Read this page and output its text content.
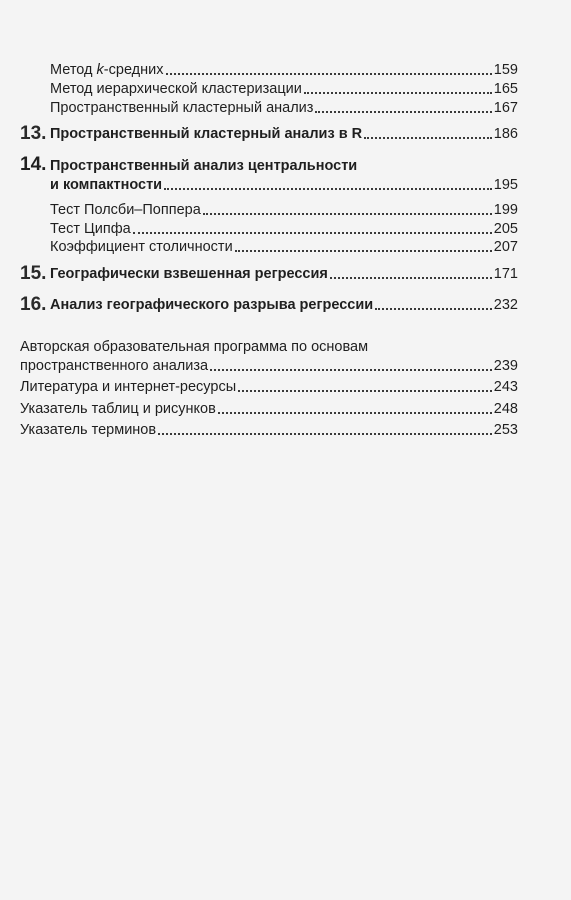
Метод k-средних	159
Метод иерархической кластеризации	165
Пространственный кластерный анализ	167
13. Пространственный кластерный анализ в R	186
14. Пространственный анализ центральности
и компактности	195
Тест Полсби–Поппера	199
Тест Ципфа	205
Коэффициент столичности	207
15. Географически взвешенная регрессия	171
16. Анализ географического разрыва регрессии	232
Авторская образовательная программа по основам
пространственного анализа	239
Литература и интернет-ресурсы	243
Указатель таблиц и рисунков	248
Указатель терминов	253
